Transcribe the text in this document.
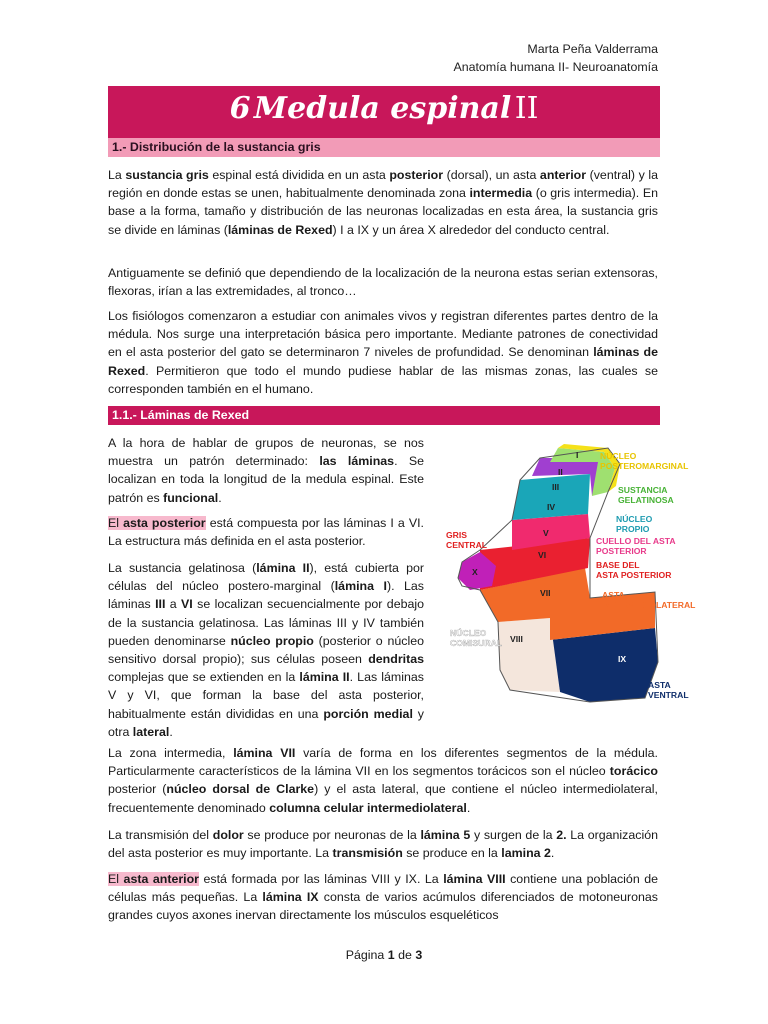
Marta Peña Valderrama
Anatomía humana II- Neuroanatomía
6 Medula espinal II
1.- Distribución de la sustancia gris

La sustancia gris espinal está dividida en un asta posterior (dorsal), un asta anterior (ventral) y la región en donde estas se unen, habitualmente denominada zona intermedia (o gris intermedia). En base a la forma, tamaño y distribución de las neuronas localizadas en esta área, la sustancia gris se divide en láminas (láminas de Rexed) I a IX y un área X alrededor del conducto central.

Antiguamente se definió que dependiendo de la localización de la neurona estas serian extensoras, flexoras, irían a las extremidades, al tronco…

Los fisiólogos comenzaron a estudiar con animales vivos y registran diferentes partes dentro de la médula. Nos surge una interpretación básica pero importante. Mediante patrones de conectividad en el asta posterior del gato se determinaron 7 niveles de profundidad. Se denominan láminas de Rexed. Permitieron que todo el mundo pudiese hablar de las mismas zonas, las cuales se corresponden también en el humano.

1.1.- Láminas de Rexed

A la hora de hablar de grupos de neuronas, se nos muestra un patrón determinado: las láminas. Se localizan en toda la longitud de la medula espinal. Este patrón es funcional.

El asta posterior está compuesta por las láminas I a VI. La estructura más definida en el asta posterior.

La sustancia gelatinosa (lámina II), está cubierta por células del núcleo postero-marginal (lámina I). Las láminas III a VI se localizan secuencialmente por debajo de la sustancia gelatinosa. Las láminas III y IV también pueden denominarse núcleo propio (posterior o núcleo sensitivo dorsal propio); sus células poseen dendritas complejas que se extienden en la lámina II. Las láminas V y VI, que forman la base del asta posterior, habitualmente están divididas en una porción medial y otra lateral.

I
II
III
IV
V
VI
VII
VIII
IX
X
NÚCLEO
POSTEROMARGINAL
SUSTANCIA
GELATINOSA
NÚCLEO
PROPIO
CUELLO DEL ASTA
POSTERIOR
BASE DEL
ASTA POSTERIOR
ASTA
INTERMEDIOLATERAL
ASTA
VENTRAL
GRIS
CENTRAL
NÚCLEO
COMISURAL

La zona intermedia, lámina VII varía de forma en los diferentes segmentos de la médula. Particularmente característicos de la lámina VII en los segmentos torácicos son el núcleo torácico posterior (núcleo dorsal de Clarke) y el asta lateral, que contiene el núcleo intermediolateral, frecuentemente denominado columna celular intermediolateral.

La transmisión del dolor se produce por neuronas de la lámina 5 y surgen de la 2. La organización del asta posterior es muy importante. La transmisión se produce en la lamina 2.

El asta anterior está formada por las láminas VIII y IX. La lámina VIII contiene una población de células más pequeñas. La lámina IX consta de varios acúmulos diferenciados de motoneuronas grandes cuyos axones inervan directamente los músculos esqueléticos

Página 1 de 3
